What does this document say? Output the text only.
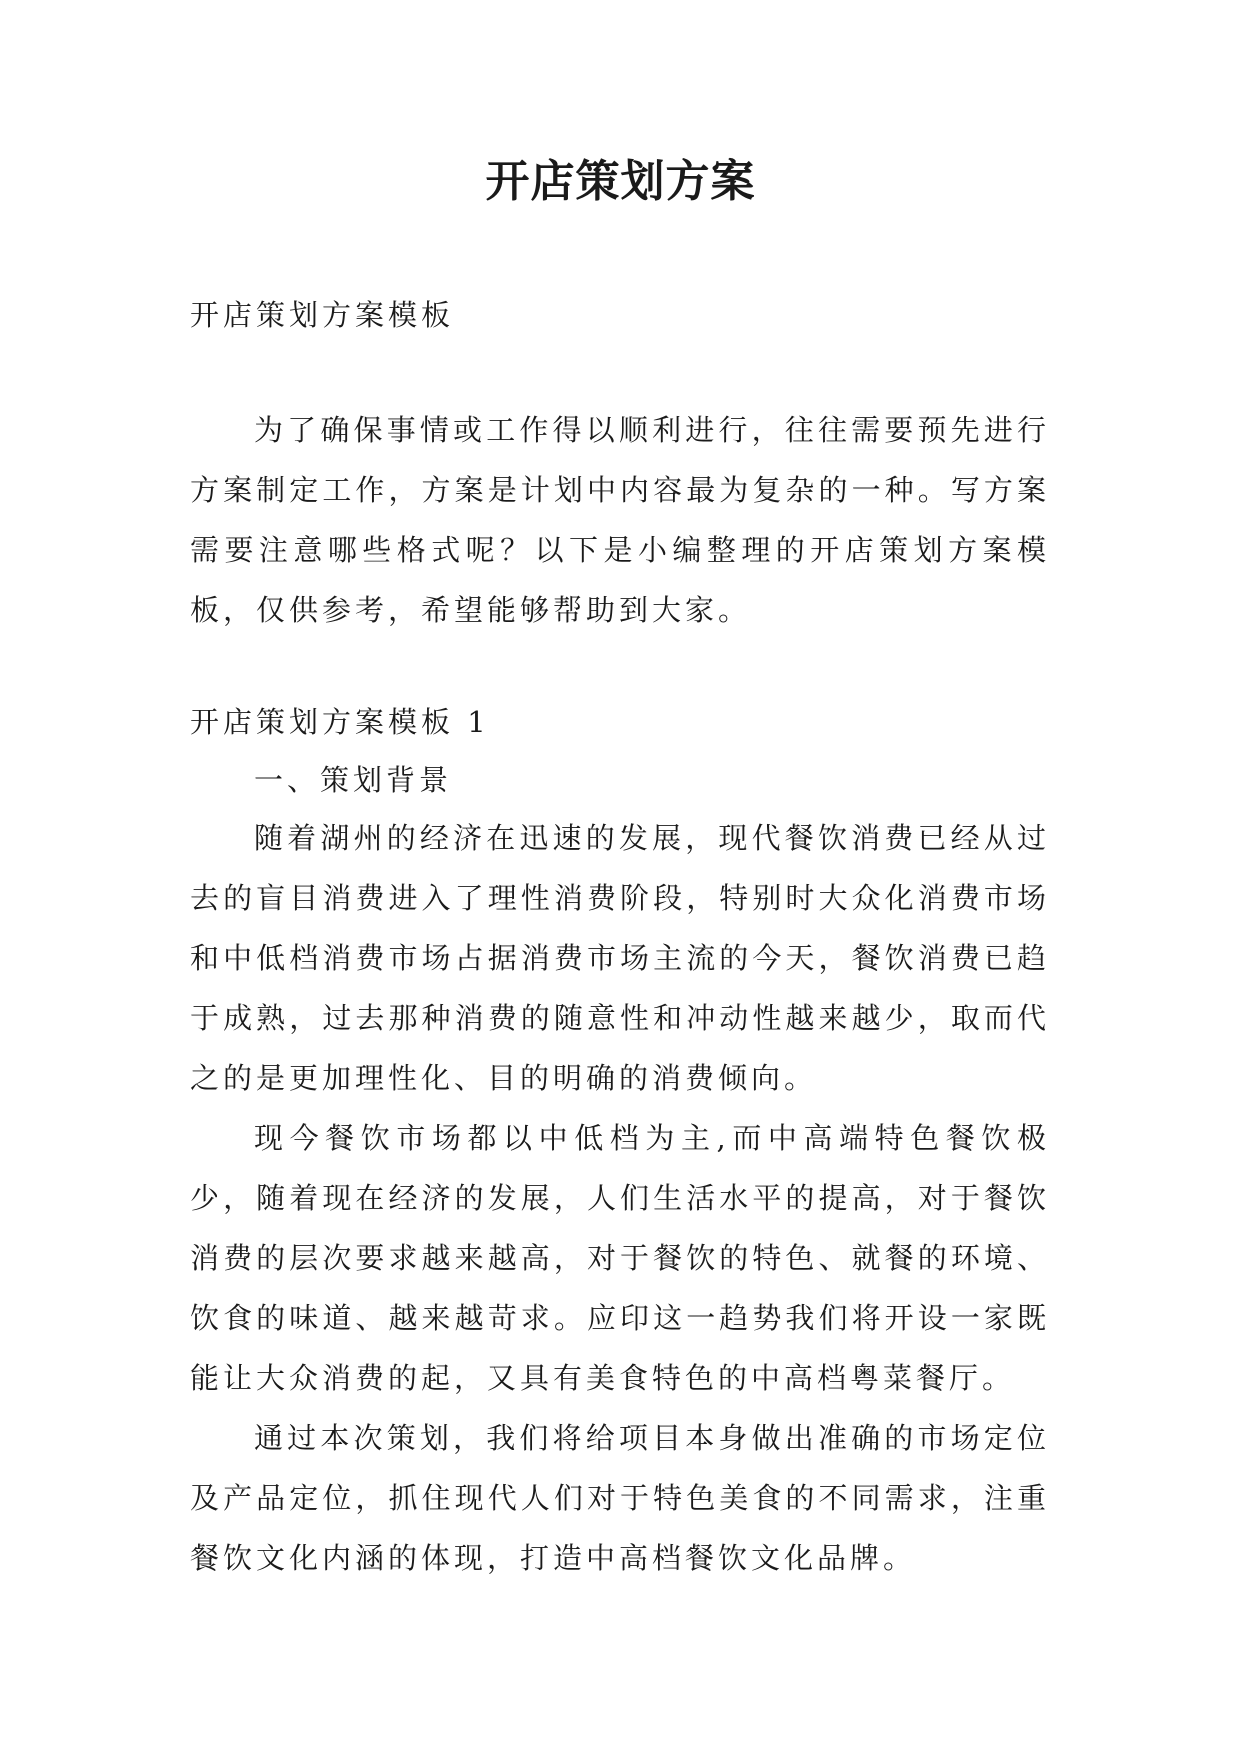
开店策划方案

开店策划方案模板

为了确保事情或工作得以顺利进行，往往需要预先进行方案制定工作，方案是计划中内容最为复杂的一种。写方案需要注意哪些格式呢？以下是小编整理的开店策划方案模板，仅供参考，希望能够帮助到大家。

开店策划方案模板 1

一、策划背景

随着湖州的经济在迅速的发展，现代餐饮消费已经从过去的盲目消费进入了理性消费阶段，特别时大众化消费市场和中低档消费市场占据消费市场主流的今天，餐饮消费已趋于成熟，过去那种消费的随意性和冲动性越来越少，取而代之的是更加理性化、目的明确的消费倾向。

现今餐饮市场都以中低档为主,而中高端特色餐饮极少，随着现在经济的发展，人们生活水平的提高，对于餐饮消费的层次要求越来越高，对于餐饮的特色、就餐的环境、饮食的味道、越来越苛求。应印这一趋势我们将开设一家既能让大众消费的起，又具有美食特色的中高档粤菜餐厅。

通过本次策划，我们将给项目本身做出准确的市场定位及产品定位，抓住现代人们对于特色美食的不同需求，注重餐饮文化内涵的体现，打造中高档餐饮文化品牌。
